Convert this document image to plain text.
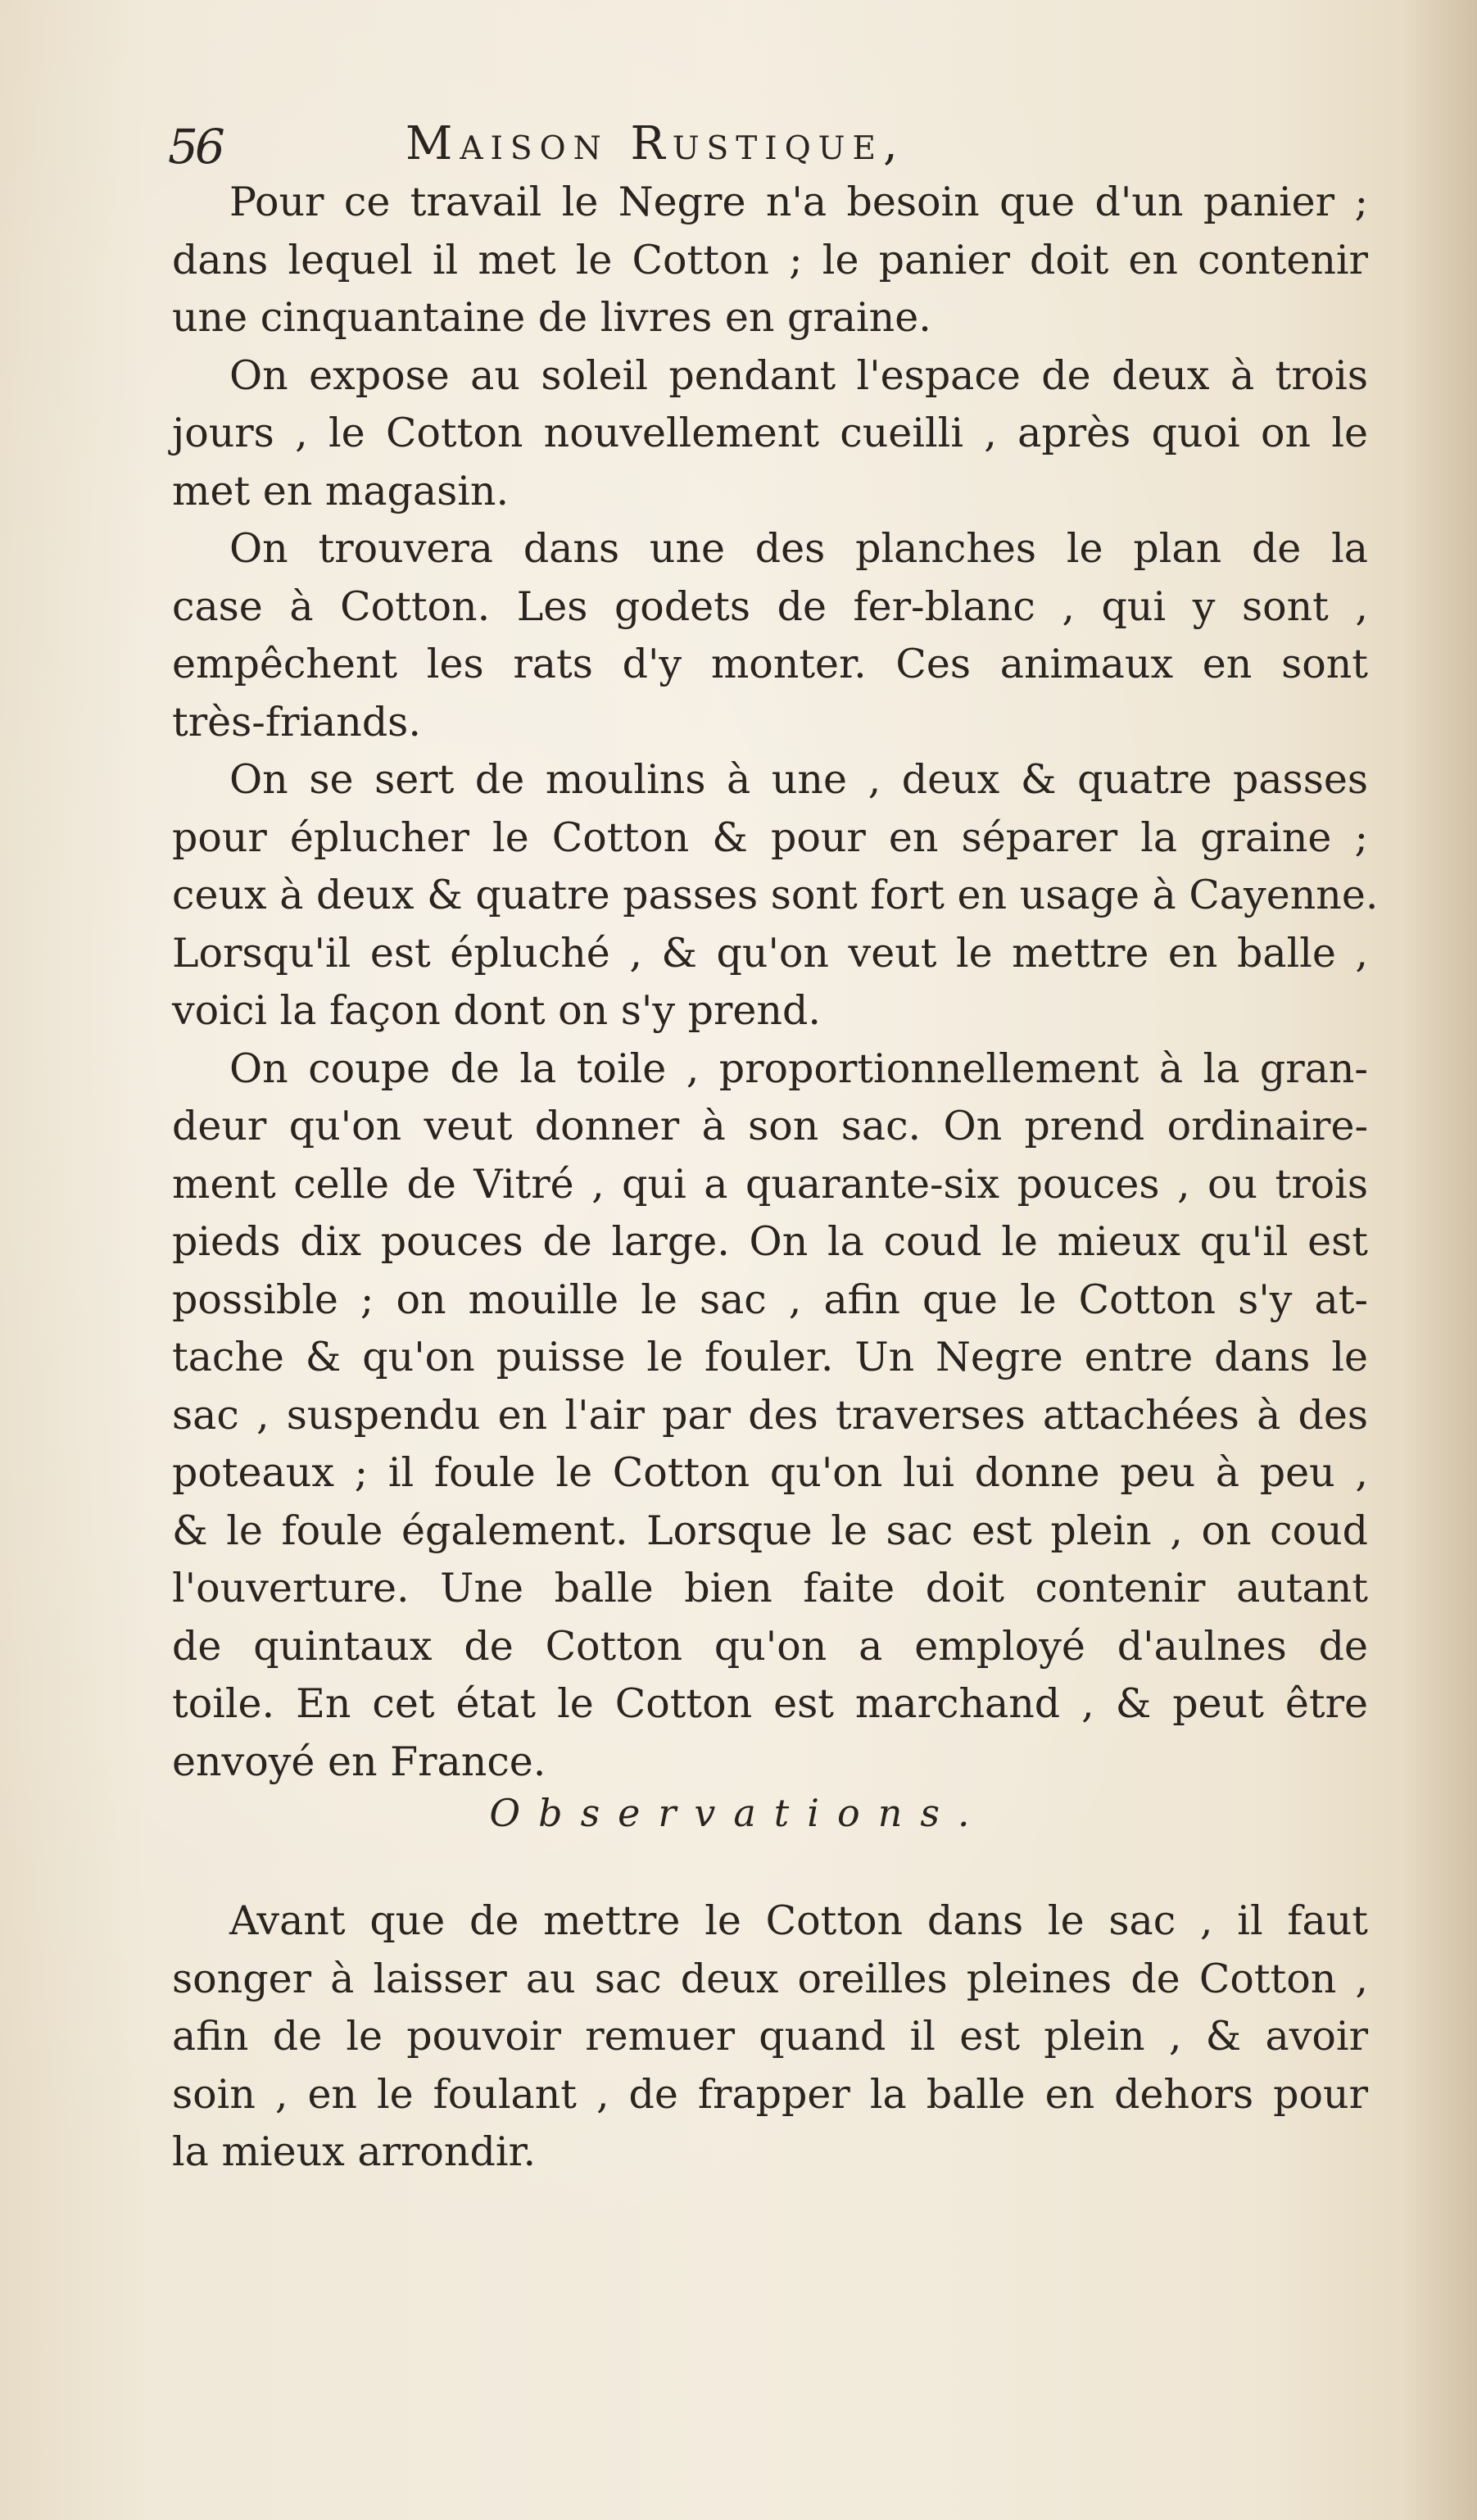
56	Maison Rustique,
Pour ce travail le Negre n'a besoin que d'un panier ;
dans lequel il met le Cotton ; le panier doit en contenir
une cinquantaine de livres en graine.
On expose au soleil pendant l'espace de deux à trois
jours , le Cotton nouvellement cueilli , après quoi on le
met en magasin.
On trouvera dans une des planches le plan de la
case à Cotton. Les godets de fer-blanc , qui y sont ,
empêchent les rats d'y monter. Ces animaux en sont
très-friands.
On se sert de moulins à une , deux & quatre passes
pour éplucher le Cotton & pour en séparer la graine ;
ceux à deux & quatre passes sont fort en usage à Cayenne.
Lorsqu'il est épluché , & qu'on veut le mettre en balle ,
voici la façon dont on s'y prend.
On coupe de la toile , proportionnellement à la gran-
deur qu'on veut donner à son sac. On prend ordinaire-
ment celle de Vitré , qui a quarante-six pouces , ou trois
pieds dix pouces de large. On la coud le mieux qu'il est
possible ; on mouille le sac , afin que le Cotton s'y at-
tache & qu'on puisse le fouler. Un Negre entre dans le
sac , suspendu en l'air par des traverses attachées à des
poteaux ; il foule le Cotton qu'on lui donne peu à peu ,
& le foule également. Lorsque le sac est plein , on coud
l'ouverture. Une balle bien faite doit contenir autant
de quintaux de Cotton qu'on a employé d'aulnes de
toile. En cet état le Cotton est marchand , & peut être
envoyé en France.
Observations.
Avant que de mettre le Cotton dans le sac , il faut
songer à laisser au sac deux oreilles pleines de Cotton ,
afin de le pouvoir remuer quand il est plein , & avoir
soin , en le foulant , de frapper la balle en dehors pour
la mieux arrondir.
